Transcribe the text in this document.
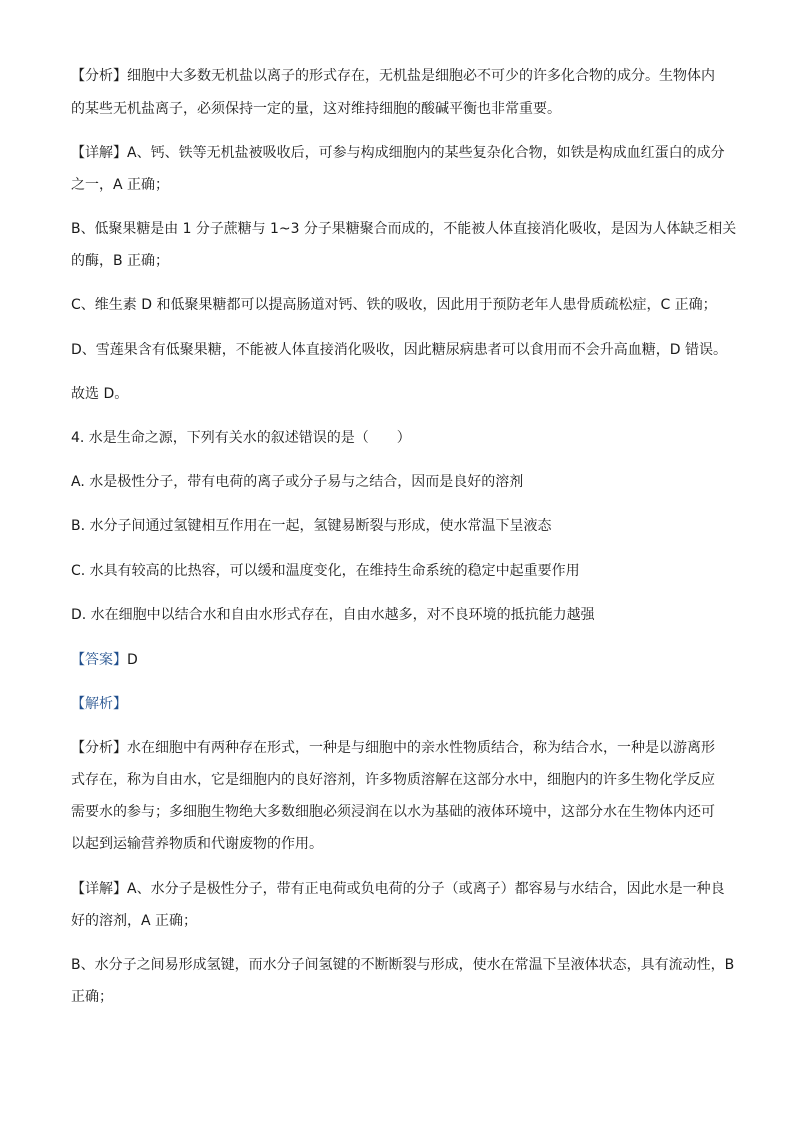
【分析】细胞中大多数无机盐以离子的形式存在，无机盐是细胞必不可少的许多化合物的成分。生物体内
的某些无机盐离子，必须保持一定的量，这对维持细胞的酸碱平衡也非常重要。
【详解】A、钙、铁等无机盐被吸收后，可参与构成细胞内的某些复杂化合物，如铁是构成血红蛋白的成分
之一，A 正确；
B、低聚果糖是由 1 分子蔗糖与 1~3 分子果糖聚合而成的，不能被人体直接消化吸收，是因为人体缺乏相关
的酶，B 正确；
C、维生素 D 和低聚果糖都可以提高肠道对钙、铁的吸收，因此用于预防老年人患骨质疏松症，C 正确；
D、雪莲果含有低聚果糖，不能被人体直接消化吸收，因此糖尿病患者可以食用而不会升高血糖，D 错误。
故选 D。
4. 水是生命之源，下列有关水的叙述错误的是（　　）
A. 水是极性分子，带有电荷的离子或分子易与之结合，因而是良好的溶剂
B. 水分子间通过氢键相互作用在一起，氢键易断裂与形成，使水常温下呈液态
C. 水具有较高的比热容，可以缓和温度变化，在维持生命系统的稳定中起重要作用
D. 水在细胞中以结合水和自由水形式存在，自由水越多，对不良环境的抵抗能力越强
【答案】D
【解析】
【分析】水在细胞中有两种存在形式，一种是与细胞中的亲水性物质结合，称为结合水，一种是以游离形
式存在，称为自由水，它是细胞内的良好溶剂，许多物质溶解在这部分水中，细胞内的许多生物化学反应
需要水的参与；多细胞生物绝大多数细胞必须浸润在以水为基础的液体环境中，这部分水在生物体内还可
以起到运输营养物质和代谢废物的作用。
【详解】A、水分子是极性分子，带有正电荷或负电荷的分子（或离子）都容易与水结合，因此水是一种良
好的溶剂，A 正确；
B、水分子之间易形成氢键，而水分子间氢键的不断断裂与形成，使水在常温下呈液体状态，具有流动性，B
正确；
